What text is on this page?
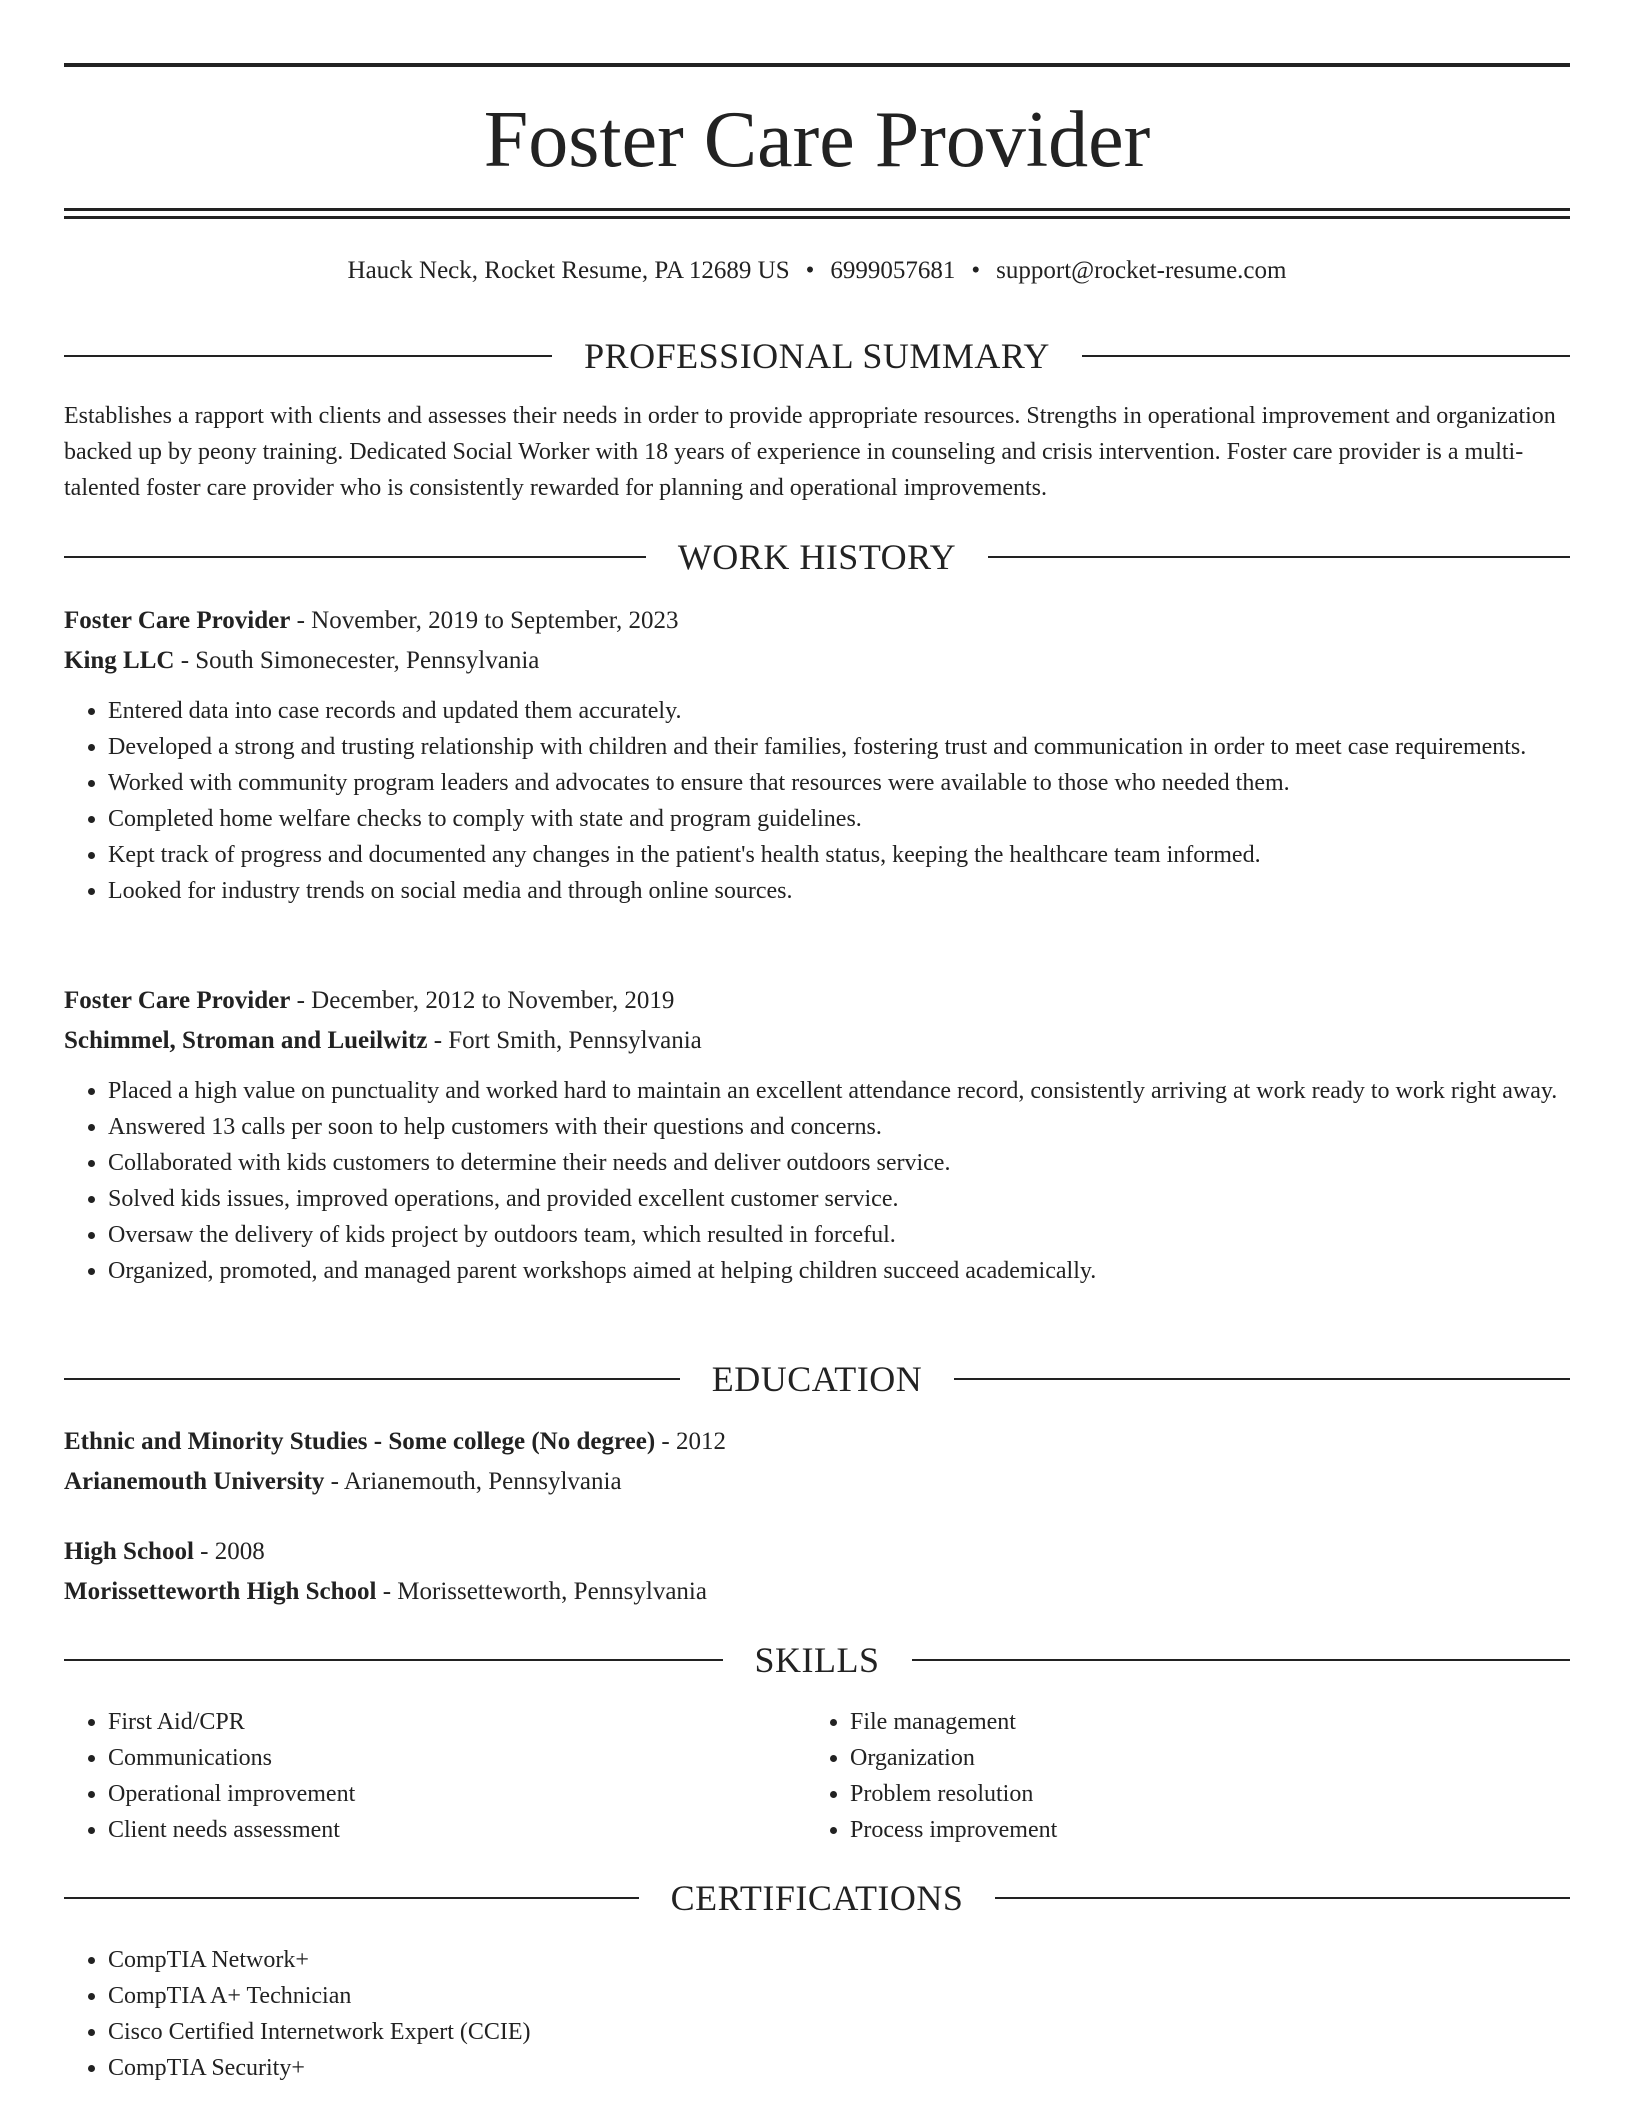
Foster Care Provider
Hauck Neck, Rocket Resume, PA 12689 US • 6999057681 • support@rocket-resume.com
PROFESSIONAL SUMMARY

Establishes a rapport with clients and assesses their needs in order to provide appropriate resources. Strengths in operational improvement and organization backed up by peony training. Dedicated Social Worker with 18 years of experience in counseling and crisis intervention. Foster care provider is a multi-talented foster care provider who is consistently rewarded for planning and operational improvements.

WORK HISTORY
Foster Care Provider - November, 2019 to September, 2023
King LLC - South Simonecester, Pennsylvania
• Entered data into case records and updated them accurately.
• Developed a strong and trusting relationship with children and their families, fostering trust and communication in order to meet case requirements.
• Worked with community program leaders and advocates to ensure that resources were available to those who needed them.
• Completed home welfare checks to comply with state and program guidelines.
• Kept track of progress and documented any changes in the patient's health status, keeping the healthcare team informed.
• Looked for industry trends on social media and through online sources.
Foster Care Provider - December, 2012 to November, 2019
Schimmel, Stroman and Lueilwitz - Fort Smith, Pennsylvania
• Placed a high value on punctuality and worked hard to maintain an excellent attendance record, consistently arriving at work ready to work right away.
• Answered 13 calls per soon to help customers with their questions and concerns.
• Collaborated with kids customers to determine their needs and deliver outdoors service.
• Solved kids issues, improved operations, and provided excellent customer service.
• Oversaw the delivery of kids project by outdoors team, which resulted in forceful.
• Organized, promoted, and managed parent workshops aimed at helping children succeed academically.
EDUCATION
Ethnic and Minority Studies - Some college (No degree) - 2012
Arianemouth University - Arianemouth, Pennsylvania
High School - 2008
Morissetteworth High School - Morissetteworth, Pennsylvania
SKILLS
• First Aid/CPR
• Communications
• Operational improvement
• Client needs assessment
• File management
• Organization
• Problem resolution
• Process improvement
CERTIFICATIONS
• CompTIA Network+
• CompTIA A+ Technician
• Cisco Certified Internetwork Expert (CCIE)
• CompTIA Security+
